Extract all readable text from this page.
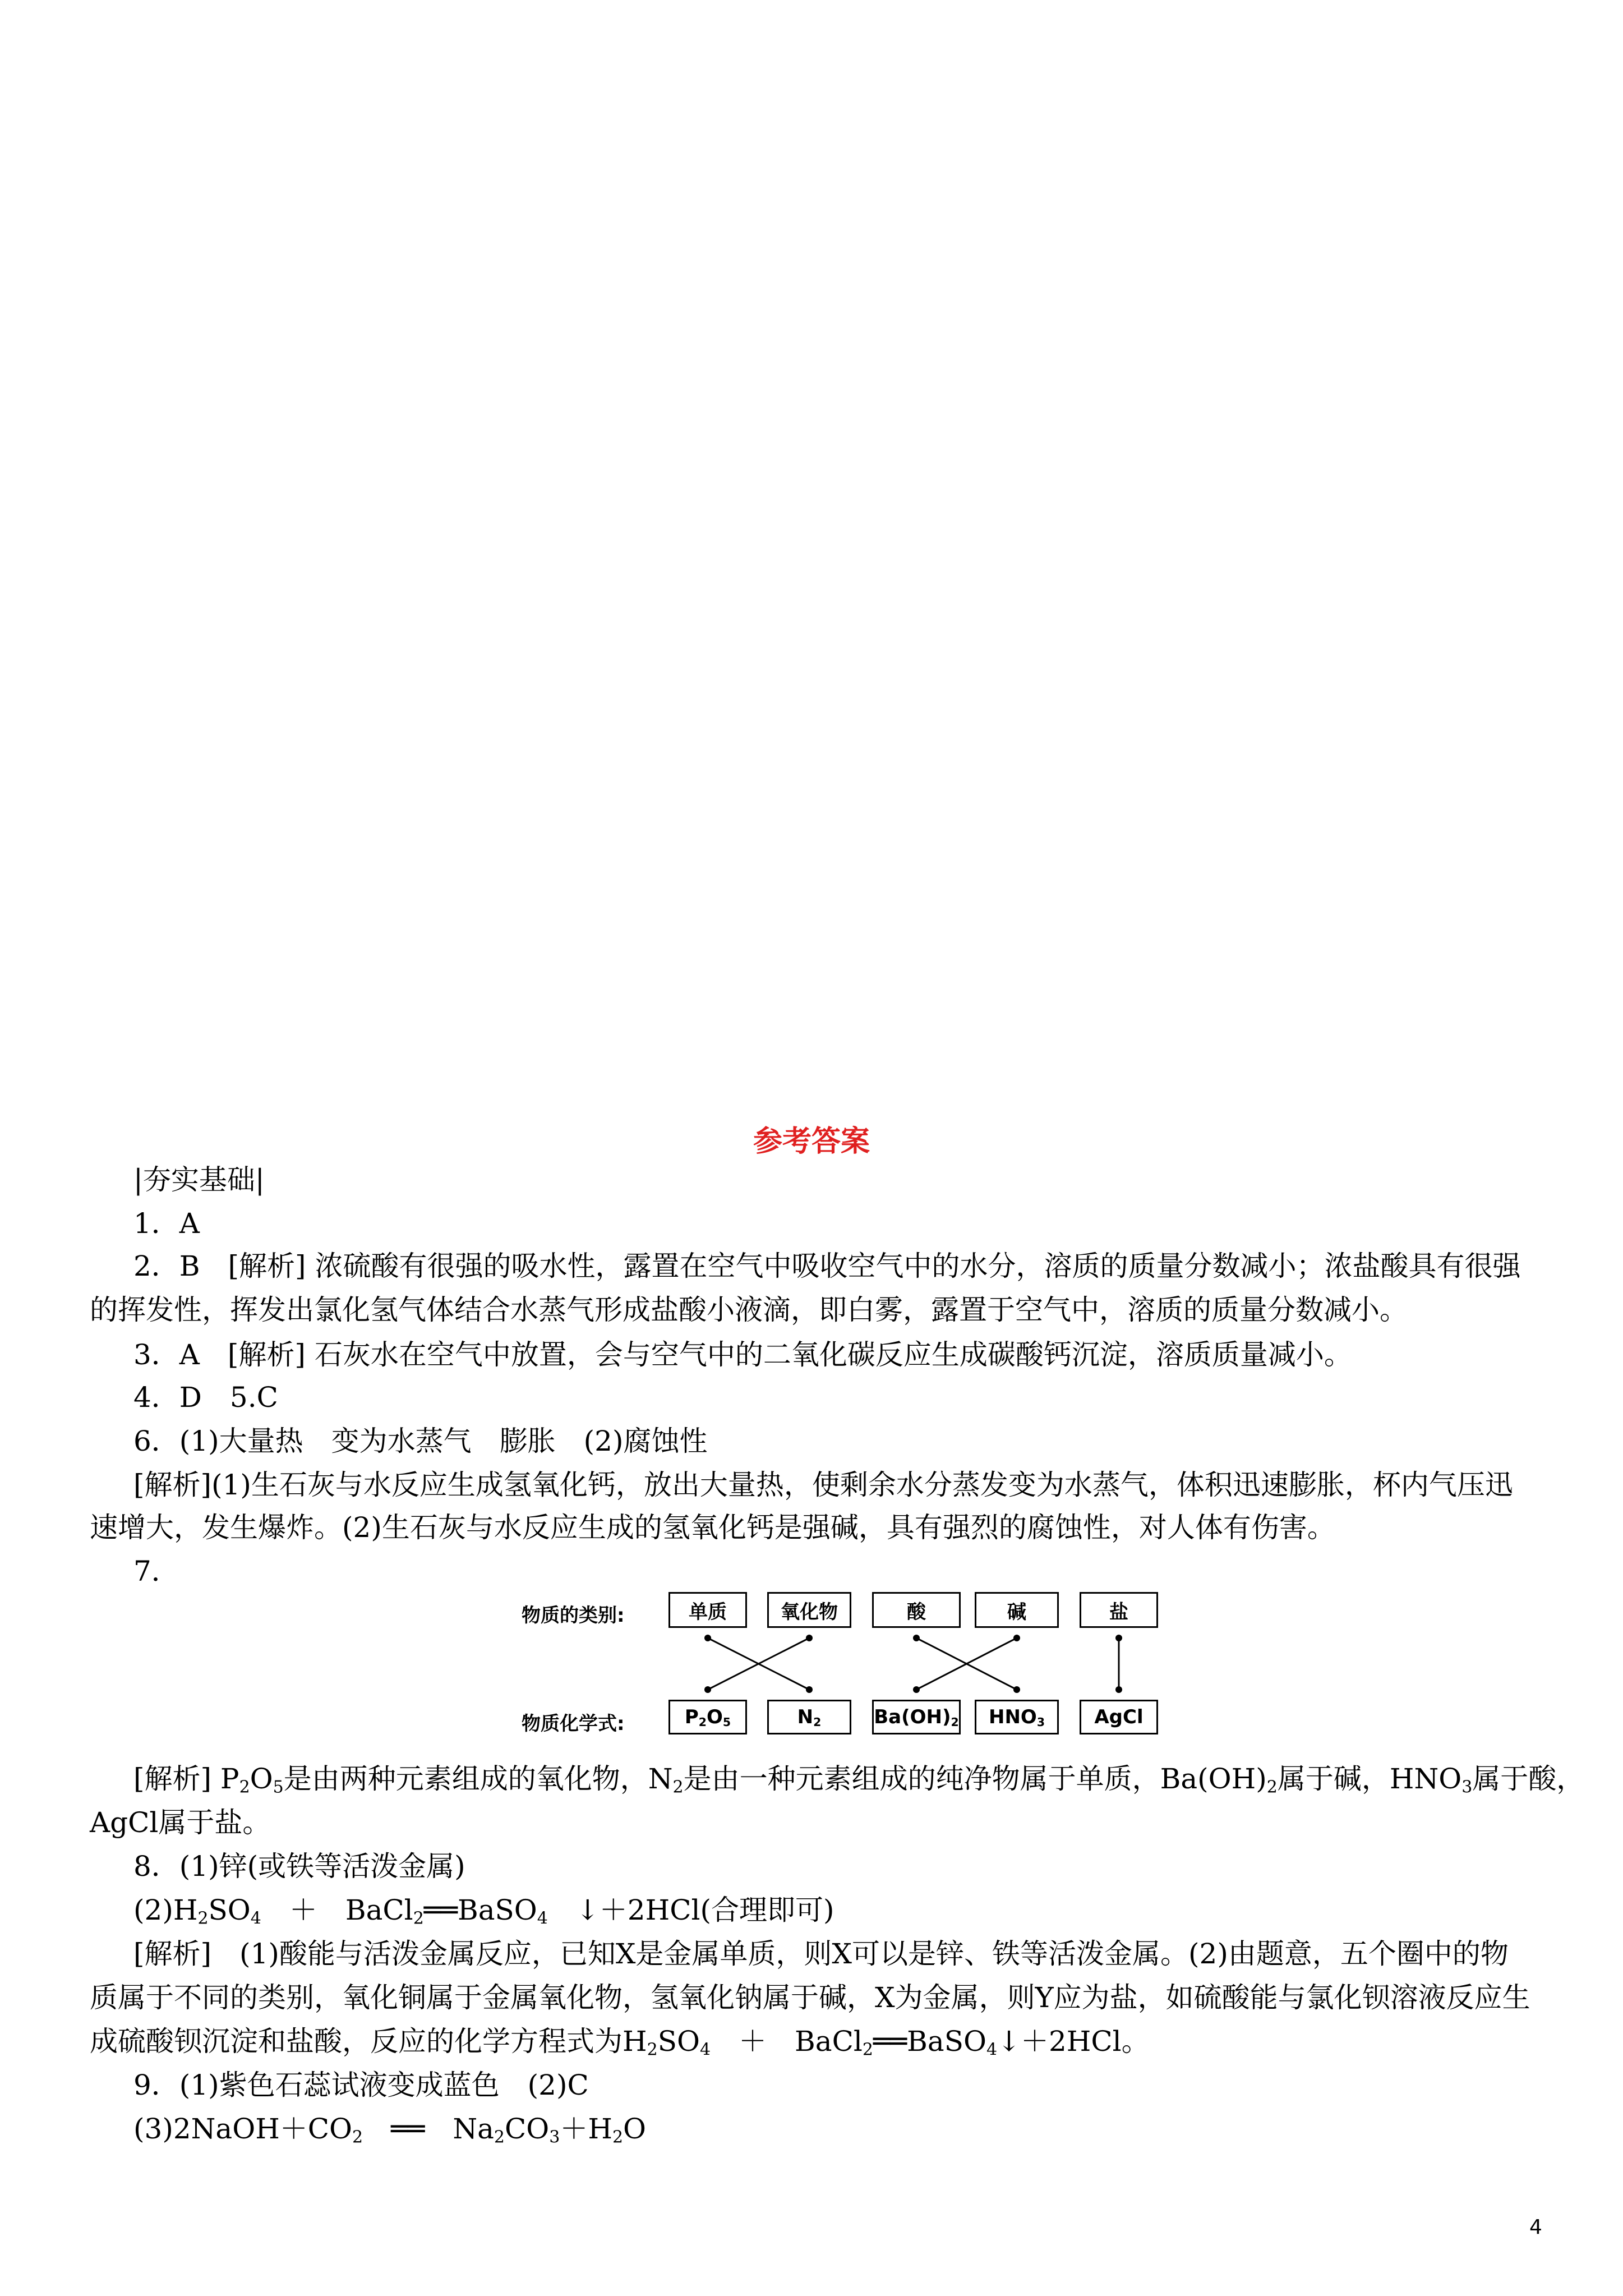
参考答案
|夯实基础|
1．A
2．B　[解析] 浓硫酸有很强的吸水性，露置在空气中吸收空气中的水分，溶质的质量分数减小；浓盐酸具有很强
的挥发性，挥发出氯化氢气体结合水蒸气形成盐酸小液滴，即白雾，露置于空气中，溶质的质量分数减小。
3．A　[解析] 石灰水在空气中放置，会与空气中的二氧化碳反应生成碳酸钙沉淀，溶质质量减小。
4．D　5.C
6．(1)大量热　变为水蒸气　膨胀　(2)腐蚀性
[解析](1)生石灰与水反应生成氢氧化钙，放出大量热，使剩余水分蒸发变为水蒸气，体积迅速膨胀，杯内气压迅
速增大，发生爆炸。(2)生石灰与水反应生成的氢氧化钙是强碱，具有强烈的腐蚀性，对人体有伤害。
7．
物质的类别:
物质化学式:
单质	氧化物	酸	碱	盐
$P_2O_5$	$N_2$	$Ba(OH)_2$ $HNO_3$	AgCl
[解析] $P_2O_5$是由两种元素组成的氧化物，$N_2$是由一种元素组成的纯净物属于单质，$Ba(OH)_2$属于碱，$HNO_3$属于酸，
AgCl属于盐。
8．(1)锌(或铁等活泼金属)
$(2)H_2SO_4$　＋　BaCl$_2$══BaSO$_4$　↓＋2HCl(合理即可)
[解析]　(1)酸能与活泼金属反应，已知X是金属单质，则X可以是锌、铁等活泼金属。(2)由题意，五个圈中的物
质属于不同的类别，氧化铜属于金属氧化物，氢氧化钠属于碱，X为金属，则Y应为盐，如硫酸能与氯化钡溶液反应生
成硫酸钡沉淀和盐酸，反应的化学方程式为$H_2SO_4$　＋　BaCl$_2$══BaSO$_4$↓＋2HCl。
9．(1)紫色石蕊试液变成蓝色　(2)C
$(3)2NaOH+CO_2$　══　$Na_2CO_3+H_2O$
4
